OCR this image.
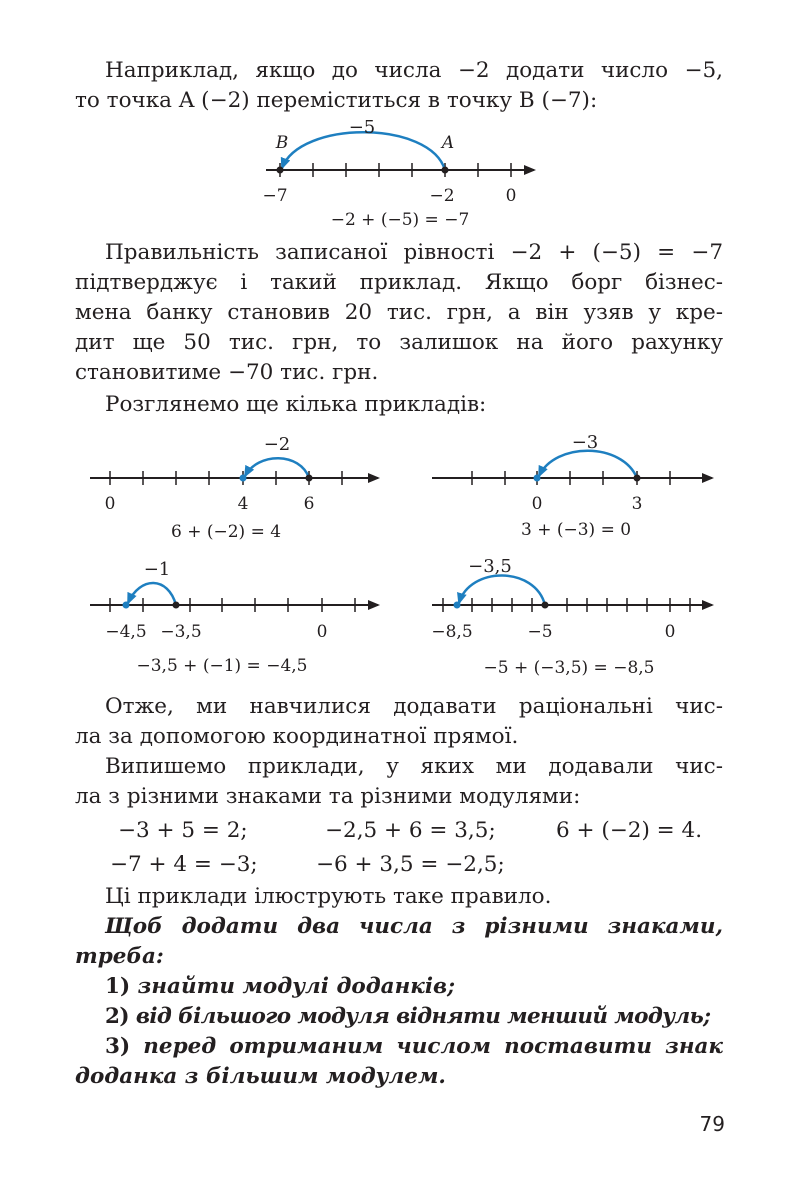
Наприклад, якщо до числа −2 додати число −5,

то точка A (−2) переміститься в точку B (−7):

B	A
−5
−7	−2	0
−2 + (−5) = −7

Правильність записаної рівності −2 + (−5) = −7

підтверджує і такий приклад. Якщо борг бізнес-

мена банку становив 20 тис. грн, а він узяв у кре-

дит ще 50 тис. грн, то залишок на його рахунку

становитиме −70 тис. грн.

Розглянемо ще кілька прикладів:

−2
0	4	6
6 + (−2) = 4
−3
0	3
3 + (−3) = 0
−1
−4,5 −3,5	0
−3,5 + (−1) = −4,5
−3,5
−8,5	−5	0
−5 + (−3,5) = −8,5

Отже, ми навчилися додавати раціональні чис-

ла за допомогою координатної прямої.

Випишемо приклади, у яких ми додавали чис-

ла з різними знаками та різними модулями:

−3 + 5 = 2;	−2,5 + 6 = 3,5;	6 + (−2) = 4.
−7 + 4 = −3;	−6 + 3,5 = −2,5;

Ці приклади ілюструють таке правило.

Щоб додати два числа з різними знаками,

треба:

1) знайти модулі доданків;

2) від більшого модуля відняти менший модуль;

3) перед отриманим числом поставити знак

доданка з більшим модулем.

79
